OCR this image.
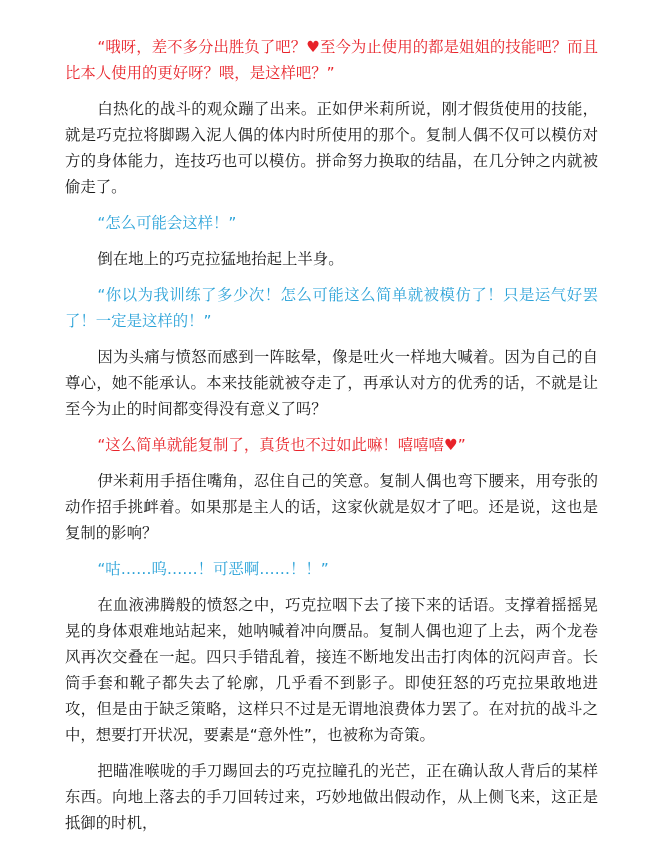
“哦呀，差不多分出胜负了吧？♥至今为止使用的都是姐姐的技能吧？而且比本人使用的更好呀？喂，是这样吧？”

白热化的战斗的观众蹦了出来。正如伊米莉所说，刚才假货使用的技能，就是巧克拉将脚踢入泥人偶的体内时所使用的那个。复制人偶不仅可以模仿对方的身体能力，连技巧也可以模仿。拼命努力换取的结晶，在几分钟之内就被偷走了。

“怎么可能会这样！”

倒在地上的巧克拉猛地抬起上半身。

“你以为我训练了多少次！怎么可能这么简单就被模仿了！只是运气好罢了！一定是这样的！”

因为头痛与愤怒而感到一阵眩晕，像是吐火一样地大喊着。因为自己的自尊心，她不能承认。本来技能就被夺走了，再承认对方的优秀的话，不就是让至今为止的时间都变得没有意义了吗？

“这么简单就能复制了，真货也不过如此嘛！嘻嘻嘻♥”

伊米莉用手捂住嘴角，忍住自己的笑意。复制人偶也弯下腰来，用夸张的动作招手挑衅着。如果那是主人的话，这家伙就是奴才了吧。还是说，这也是复制的影响？

“咕……呜……！可恶啊……！！”

在血液沸腾般的愤怒之中，巧克拉咽下去了接下来的话语。支撑着摇摇晃晃的身体艰难地站起来，她呐喊着冲向赝品。复制人偶也迎了上去，两个龙卷风再次交叠在一起。四只手错乱着，接连不断地发出击打肉体的沉闷声音。长筒手套和靴子都失去了轮廓，几乎看不到影子。即使狂怒的巧克拉果敢地进攻，但是由于缺乏策略，这样只不过是无谓地浪费体力罢了。在对抗的战斗之中，想要打开状况，要素是“意外性”，也被称为奇策。

把瞄准喉咙的手刀踢回去的巧克拉瞳孔的光芒，正在确认敌人背后的某样东西。向地上落去的手刀回转过来，巧妙地做出假动作，从上侧飞来，这正是抵御的时机，
